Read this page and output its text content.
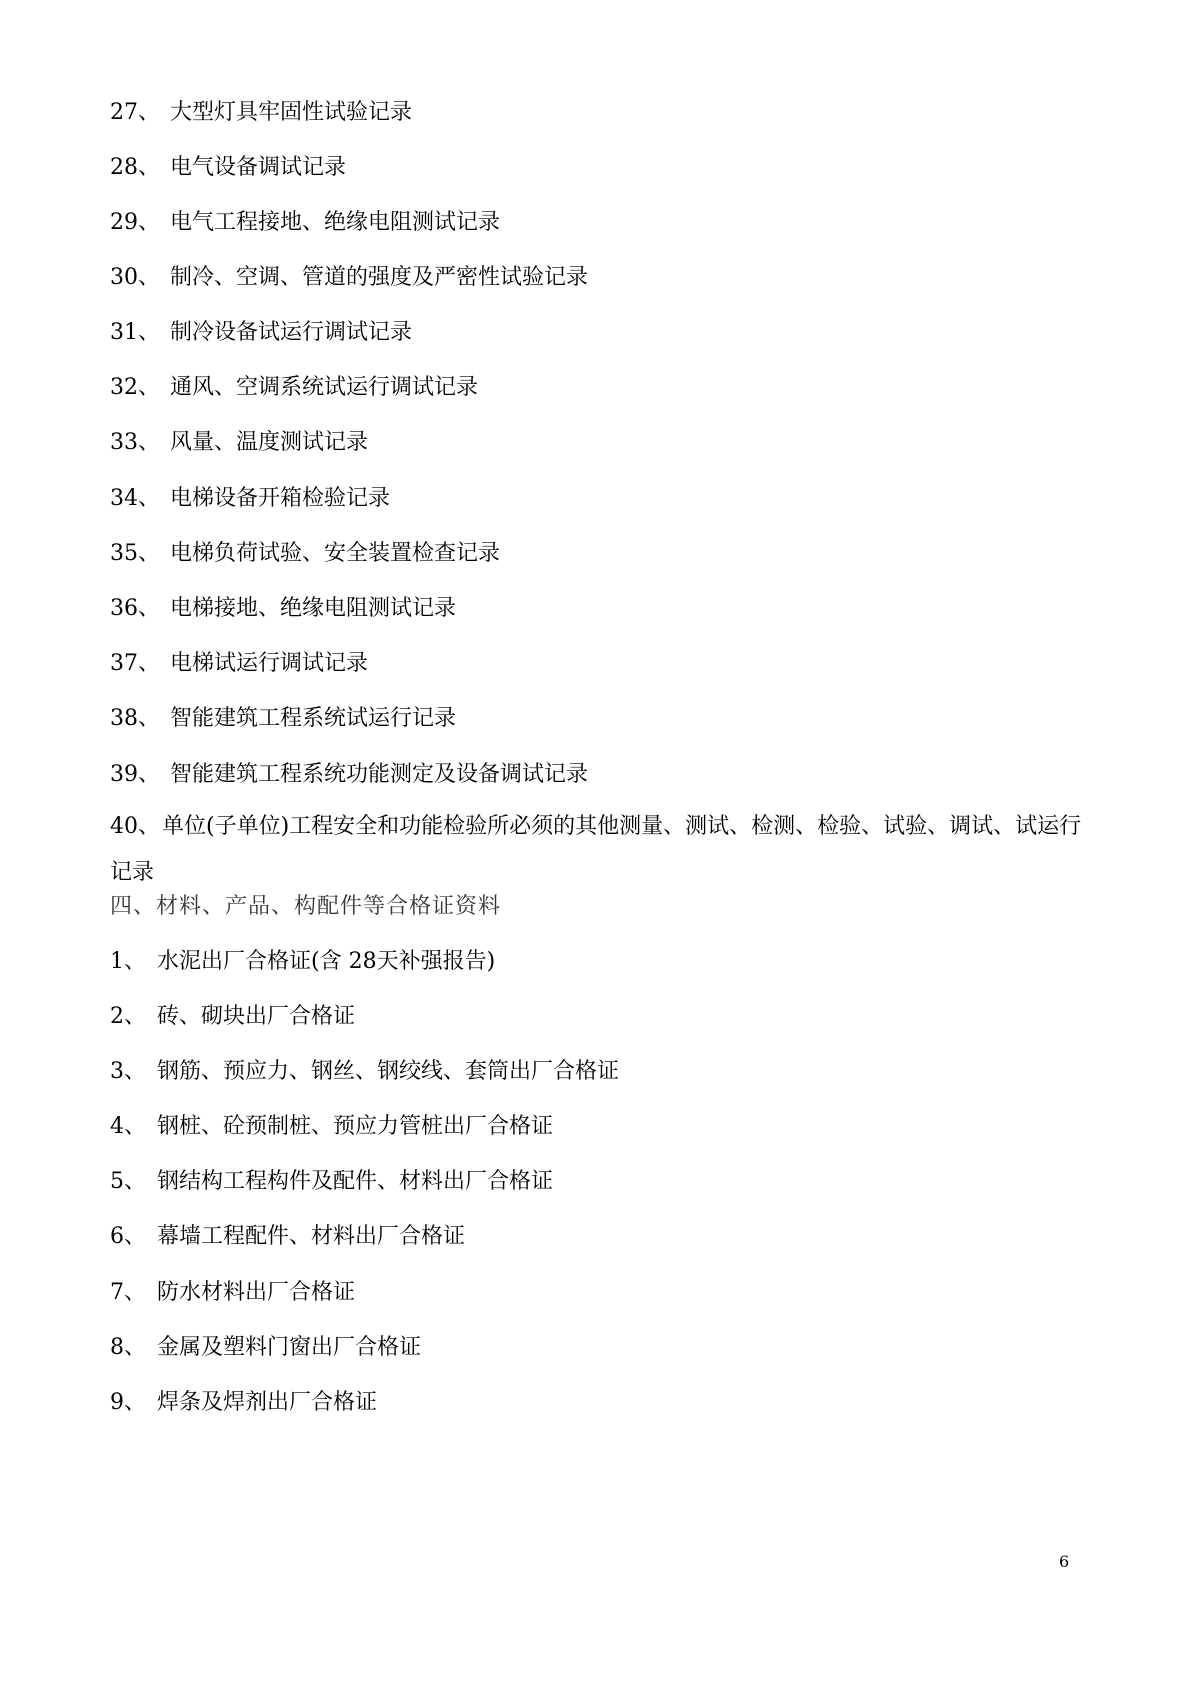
27、 大型灯具牢固性试验记录
28、 电气设备调试记录
29、 电气工程接地、绝缘电阻测试记录
30、 制冷、空调、管道的强度及严密性试验记录
31、 制冷设备试运行调试记录
32、 通风、空调系统试运行调试记录
33、 风量、温度测试记录
34、 电梯设备开箱检验记录
35、 电梯负荷试验、安全装置检查记录
36、 电梯接地、绝缘电阻测试记录
37、 电梯试运行调试记录
38、 智能建筑工程系统试运行记录
39、 智能建筑工程系统功能测定及设备调试记录
40、单位(子单位)工程安全和功能检验所必须的其他测量、测试、检测、检验、试验、调试、试运行记录
四、材料、产品、构配件等合格证资料
1、 水泥出厂合格证(含 28天补强报告)
2、 砖、砌块出厂合格证
3、 钢筋、预应力、钢丝、钢绞线、套筒出厂合格证
4、 钢桩、砼预制桩、预应力管桩出厂合格证
5、 钢结构工程构件及配件、材料出厂合格证
6、 幕墙工程配件、材料出厂合格证
7、 防水材料出厂合格证
8、 金属及塑料门窗出厂合格证
9、 焊条及焊剂出厂合格证
6
